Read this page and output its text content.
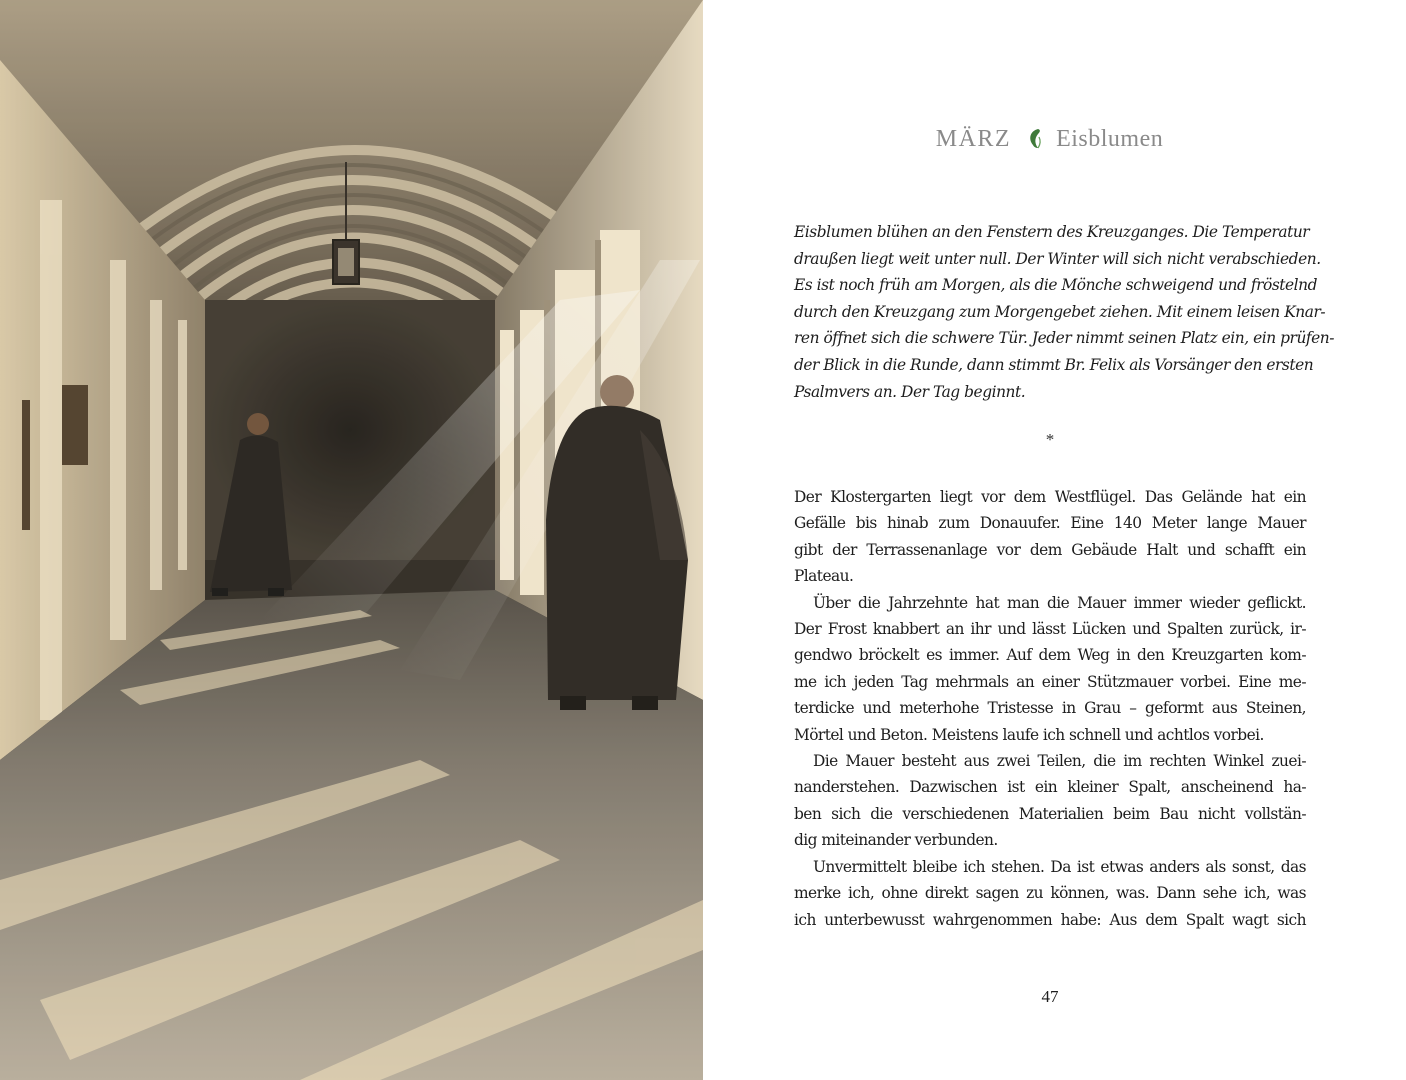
MÄRZ Eisblumen
Eisblumen blühen an den Fenstern des Kreuzganges. Die Temperatur
draußen liegt weit unter null. Der Winter will sich nicht verabschieden.
Es ist noch früh am Morgen, als die Mönche schweigend und fröstelnd
durch den Kreuzgang zum Morgengebet ziehen. Mit einem leisen Knar-
ren öffnet sich die schwere Tür. Jeder nimmt seinen Platz ein, ein prüfen-
der Blick in die Runde, dann stimmt Br. Felix als Vorsänger den ersten
Psalmvers an. Der Tag beginnt.
*
Der Klostergarten liegt vor dem Westflügel. Das Gelände hat ein
Gefälle bis hinab zum Donauufer. Eine 140 Meter lange Mauer
gibt der Terrassenanlage vor dem Gebäude Halt und schafft ein
Plateau.
Über die Jahrzehnte hat man die Mauer immer wieder geflickt.
Der Frost knabbert an ihr und lässt Lücken und Spalten zurück, ir-
gendwo bröckelt es immer. Auf dem Weg in den Kreuzgarten kom-
me ich jeden Tag mehrmals an einer Stützmauer vorbei. Eine me-
terdicke und meterhohe Tristesse in Grau – geformt aus Steinen,
Mörtel und Beton. Meistens laufe ich schnell und achtlos vorbei.
Die Mauer besteht aus zwei Teilen, die im rechten Winkel zuei-
nanderstehen. Dazwischen ist ein kleiner Spalt, anscheinend ha-
ben sich die verschiedenen Materialien beim Bau nicht vollstän-
dig miteinander verbunden.
Unvermittelt bleibe ich stehen. Da ist etwas anders als sonst, das
merke ich, ohne direkt sagen zu können, was. Dann sehe ich, was
ich unterbewusst wahrgenommen habe: Aus dem Spalt wagt sich
47
